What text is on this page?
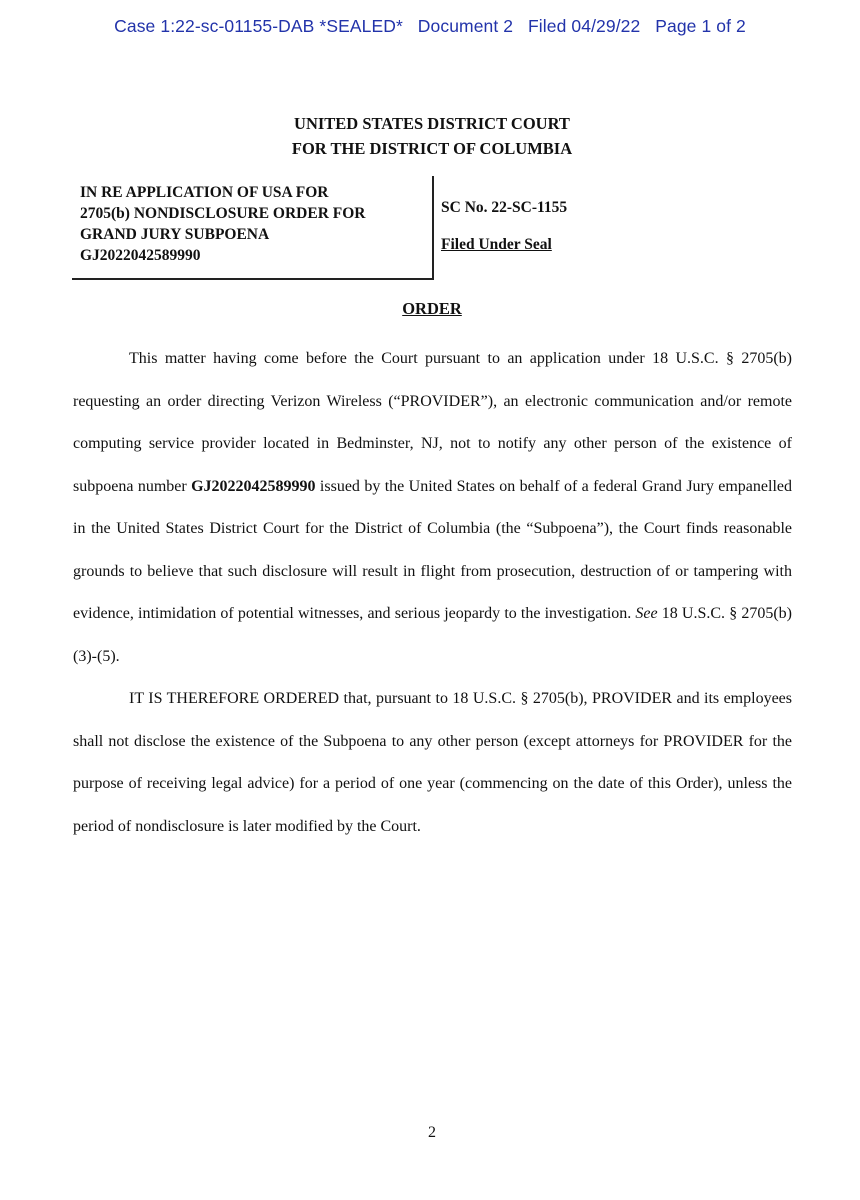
Case 1:22-sc-01155-DAB *SEALED*   Document 2   Filed 04/29/22   Page 1 of 2
UNITED STATES DISTRICT COURT
FOR THE DISTRICT OF COLUMBIA
IN RE APPLICATION OF USA FOR
2705(b) NONDISCLOSURE ORDER FOR
GRAND JURY SUBPOENA
GJ2022042589990
SC No. 22-SC-1155
Filed Under Seal
ORDER

This matter having come before the Court pursuant to an application under 18 U.S.C. § 2705(b) requesting an order directing Verizon Wireless (“PROVIDER”), an electronic communication and/or remote computing service provider located in Bedminster, NJ, not to notify any other person of the existence of subpoena number GJ2022042589990 issued by the United States on behalf of a federal Grand Jury empanelled in the United States District Court for the District of Columbia (the “Subpoena”), the Court finds reasonable grounds to believe that such disclosure will result in flight from prosecution, destruction of or tampering with evidence, intimidation of potential witnesses, and serious jeopardy to the investigation. See 18 U.S.C. § 2705(b)(3)-(5).

IT IS THEREFORE ORDERED that, pursuant to 18 U.S.C. § 2705(b), PROVIDER and its employees shall not disclose the existence of the Subpoena to any other person (except attorneys for PROVIDER for the purpose of receiving legal advice) for a period of one year (commencing on the date of this Order), unless the period of nondisclosure is later modified by the Court.

2
